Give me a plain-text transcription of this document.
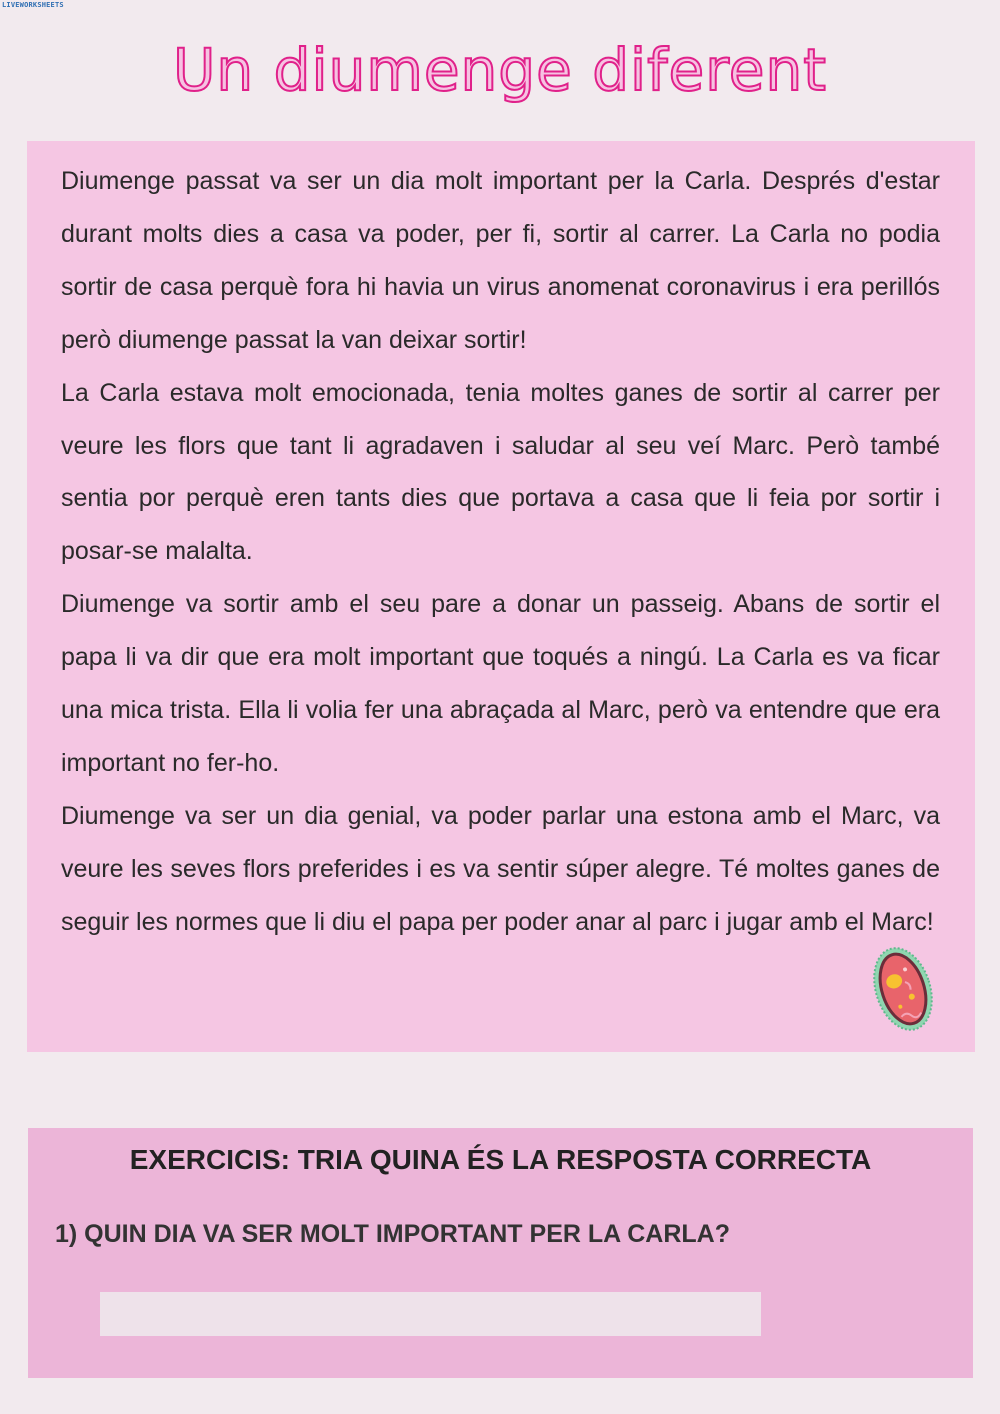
LIVEWORKSHEETS
Un diumenge diferent

Diumenge passat va ser un dia molt important per la Carla. Després d'estar durant molts dies a casa va poder, per fi, sortir al carrer. La Carla no podia sortir de casa perquè fora hi havia un virus anomenat coronavirus i era perillós però diumenge passat la van deixar sortir!

La Carla estava molt emocionada, tenia moltes ganes de sortir al carrer per veure les flors que tant li agradaven i saludar al seu veí Marc. Però també sentia por perquè eren tants dies que portava a casa que li feia por sortir i posar-se malalta.

Diumenge va sortir amb el seu pare a donar un passeig. Abans de sortir el papa li va dir que era molt important que toqués a ningú. La Carla es va ficar una mica trista. Ella li volia fer una abraçada al Marc, però va entendre que era important no fer-ho.

Diumenge va ser un dia genial, va poder parlar una estona amb el Marc, va veure les seves flors preferides i es va sentir súper alegre. Té moltes ganes de seguir les normes que li diu el papa per poder anar al parc i jugar amb el Marc!

EXERCICIS: TRIA QUINA ÉS LA RESPOSTA CORRECTA
1) QUIN DIA VA SER MOLT IMPORTANT PER LA CARLA?
